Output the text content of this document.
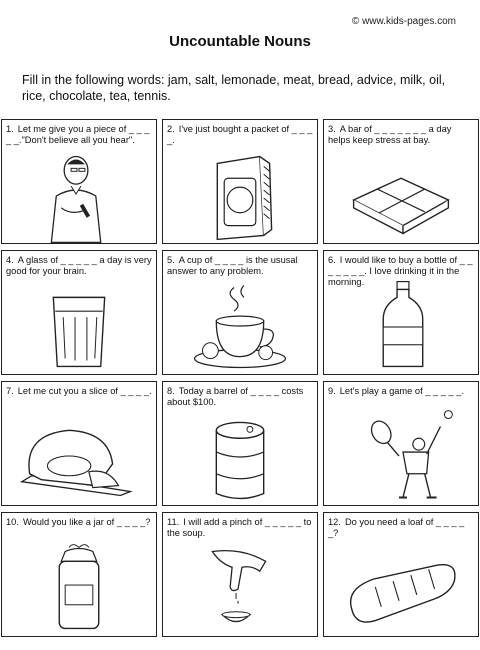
© www.kids-pages.com
Uncountable Nouns
Fill in the following words: jam, salt, lemonade, meat, bread, advice, milk, oil, rice, chocolate, tea, tennis.
1. Let me give you a piece of _ _ _ _ _."Don't believe all you hear".
2. I've just bought a packet of _ _ _ _.
3. A bar of _ _ _ _ _ _ _ a day helps keep stress at bay.
4. A glass of _ _ _ _ _ a day is very good for your brain.
5. A cup of _ _ _ _ is the ususal answer to any problem.
6. I would like to buy a bottle of _ _ _ _ _ _ _. I love drinking it in the morning.
7. Let me cut you a slice of _ _ _ _. 8. Today a barrel of _ _ _ _ costs about $100.
9. Let's play a game of _ _ _ _ _.
10. Would you like a jar of _ _ _ _? 11. I will add a pinch of _ _ _ _ _ to the soup.
12. Do you need a loaf of _ _ _ _ _?
